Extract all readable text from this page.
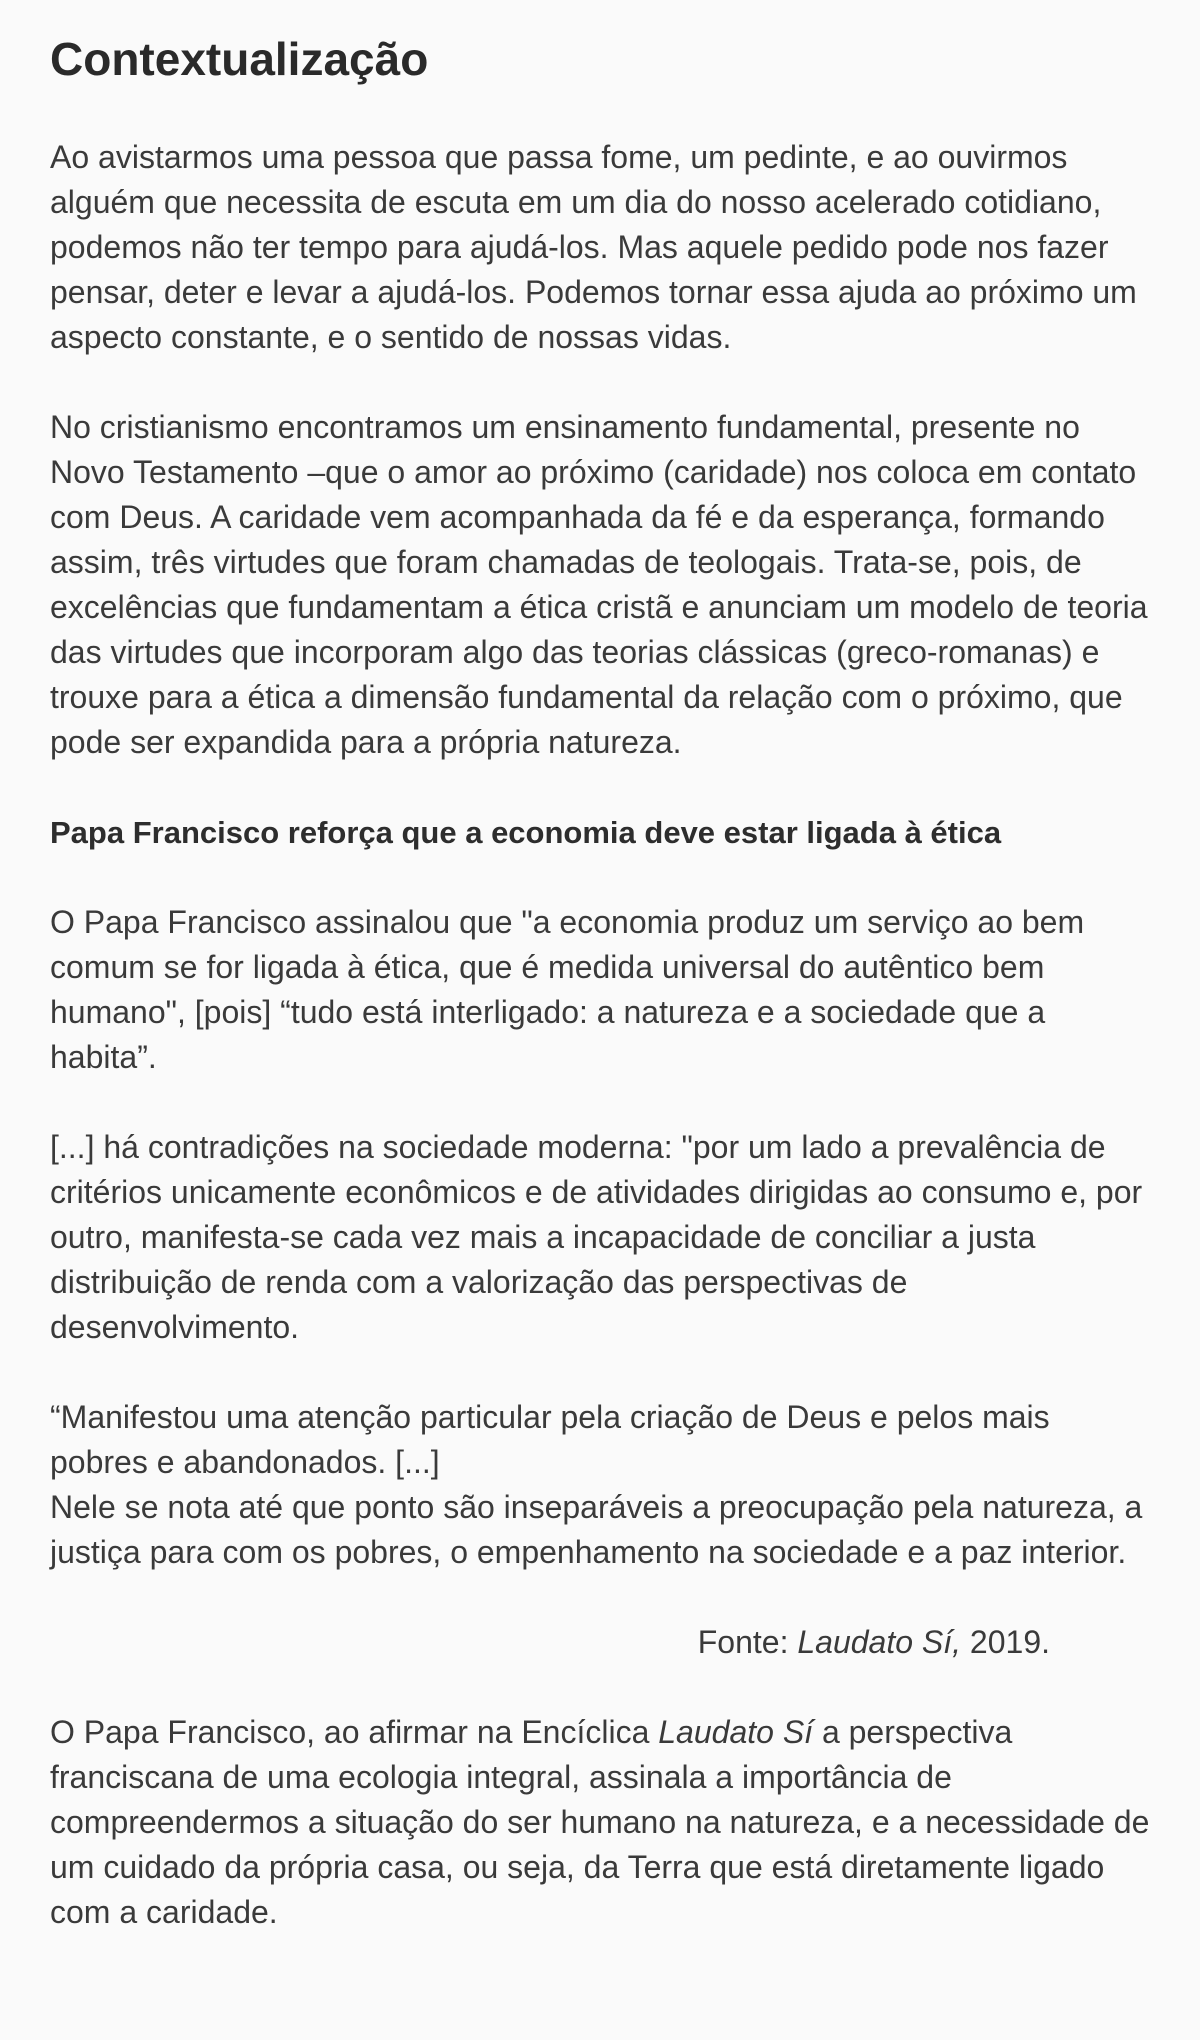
Contextualização

Ao avistarmos uma pessoa que passa fome, um pedinte, e ao ouvirmos alguém que necessita de escuta em um dia do nosso acelerado cotidiano, podemos não ter tempo para ajudá-los. Mas aquele pedido pode nos fazer pensar, deter e levar a ajudá-los. Podemos tornar essa ajuda ao próximo um aspecto constante, e o sentido de nossas vidas.

No cristianismo encontramos um ensinamento fundamental, presente no Novo Testamento –que o amor ao próximo (caridade) nos coloca em contato com Deus. A caridade vem acompanhada da fé e da esperança, formando assim, três virtudes que foram chamadas de teologais. Trata-se, pois, de excelências que fundamentam a ética cristã e anunciam um modelo de teoria das virtudes que incorporam algo das teorias clássicas (greco-romanas) e trouxe para a ética a dimensão fundamental da relação com o próximo, que pode ser expandida para a própria natureza.

Papa Francisco reforça que a economia deve estar ligada à ética

O Papa Francisco assinalou que "a economia produz um serviço ao bem comum se for ligada à ética, que é medida universal do autêntico bem humano", [pois] “tudo está interligado: a natureza e a sociedade que a habita”.

[...] há contradições na sociedade moderna: "por um lado a prevalência de critérios unicamente econômicos e de atividades dirigidas ao consumo e, por outro, manifesta-se cada vez mais a incapacidade de conciliar a justa distribuição de renda com a valorização das perspectivas de desenvolvimento.

“Manifestou uma atenção particular pela criação de Deus e pelos mais pobres e abandonados. [...]
Nele se nota até que ponto são inseparáveis a preocupação pela natureza, a justiça para com os pobres, o empenhamento na sociedade e a paz interior.

Fonte: Laudato Sí, 2019.

O Papa Francisco, ao afirmar na Encíclica Laudato Sí a perspectiva franciscana de uma ecologia integral, assinala a importância de compreendermos a situação do ser humano na natureza, e a necessidade de um cuidado da própria casa, ou seja, da Terra que está diretamente ligado com a caridade.
